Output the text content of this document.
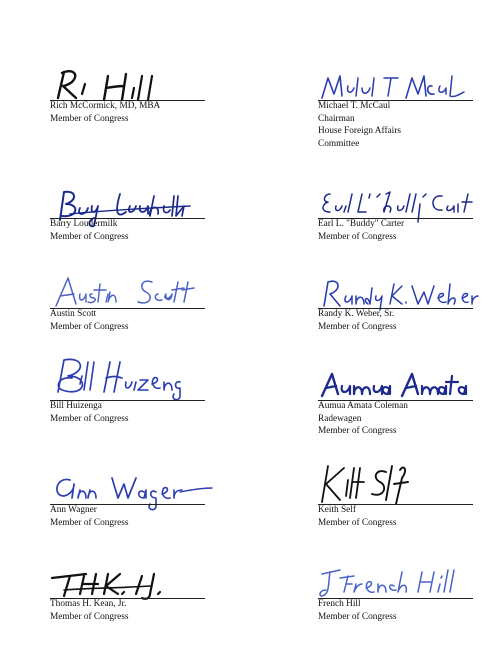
Rich McCormick, MD, MBA
Member of Congress
Michael T. McCaul
Chairman
House Foreign Affairs
Committee
Barry Loudermilk
Member of Congress
Earl L. "Buddy" Carter
Member of Congress
Austin Scott
Member of Congress
Randy K. Weber, Sr.
Member of Congress
Bill Huizenga
Member of Congress
Aumua Amata Coleman
Radewagen
Member of Congress
Ann Wagner
Member of Congress
Keith Self
Member of Congress
Thomas H. Kean, Jr.
Member of Congress
French Hill
Member of Congress
